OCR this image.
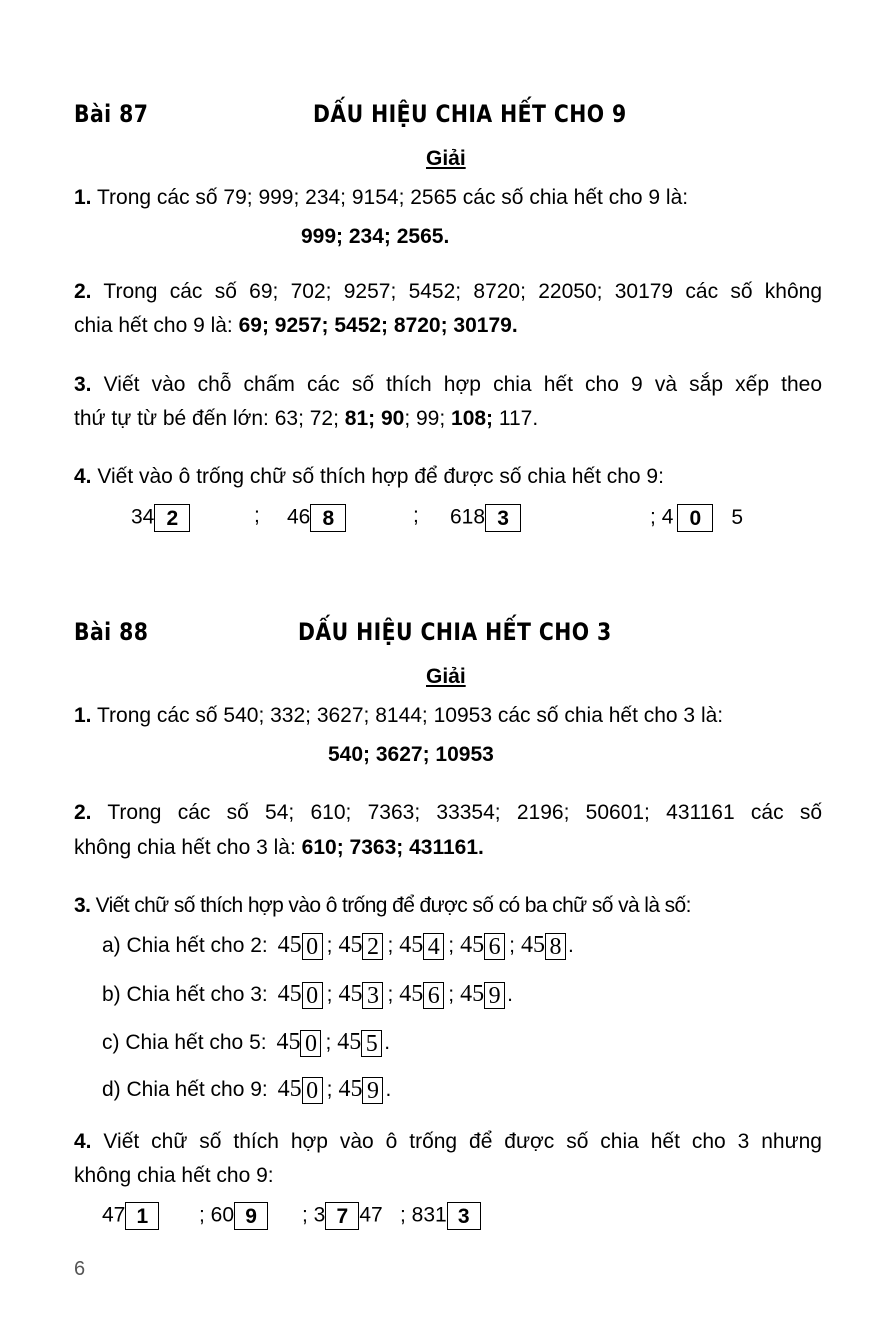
Bài 87	DẤU HIỆU CHIA HẾT CHO 9
Giải
1. Trong các số 79; 999; 234; 9154; 2565 các số chia hết cho 9 là:
999; 234; 2565.
2. Trong các số 69; 702; 9257; 5452; 8720; 22050; 30179 các số không
chia hết cho 9 là: 69; 9257; 5452; 8720; 30179.
3. Viết vào chỗ chấm các số thích hợp chia hết cho 9 và sắp xếp theo
thứ tự từ bé đến lớn: 63; 72; 81; 90; 99; 108; 117.
4. Viết vào ô trống chữ số thích hợp để được số chia hết cho 9:
34 2	; 46 8	; 618 3	; 4 0 5
Bài 88	DẤU HIỆU CHIA HẾT CHO 3
Giải
1. Trong các số 540; 332; 3627; 8144; 10953 các số chia hết cho 3 là:
540; 3627; 10953
2. Trong các số 54; 610; 7363; 33354; 2196; 50601; 431161 các số
không chia hết cho 3 là: 610; 7363; 431161.
3. Viết chữ số thích hợp vào ô trống để được số có ba chữ số và là số:
a) Chia hết cho 2: 45 0 ; 45 2 ; 45 4 ; 45 6 ; 45 8 .
b) Chia hết cho 3: 45 0 ; 45 3 ; 45 6 ; 45 9 .
c) Chia hết cho 5: 45 0 ; 45 5 .
d) Chia hết cho 9: 45 0 ; 45 9 .
4. Viết chữ số thích hợp vào ô trống để được số chia hết cho 3 nhưng
không chia hết cho 9:
47 1	; 60 9	; 3 7 47 ; 831 3
6
